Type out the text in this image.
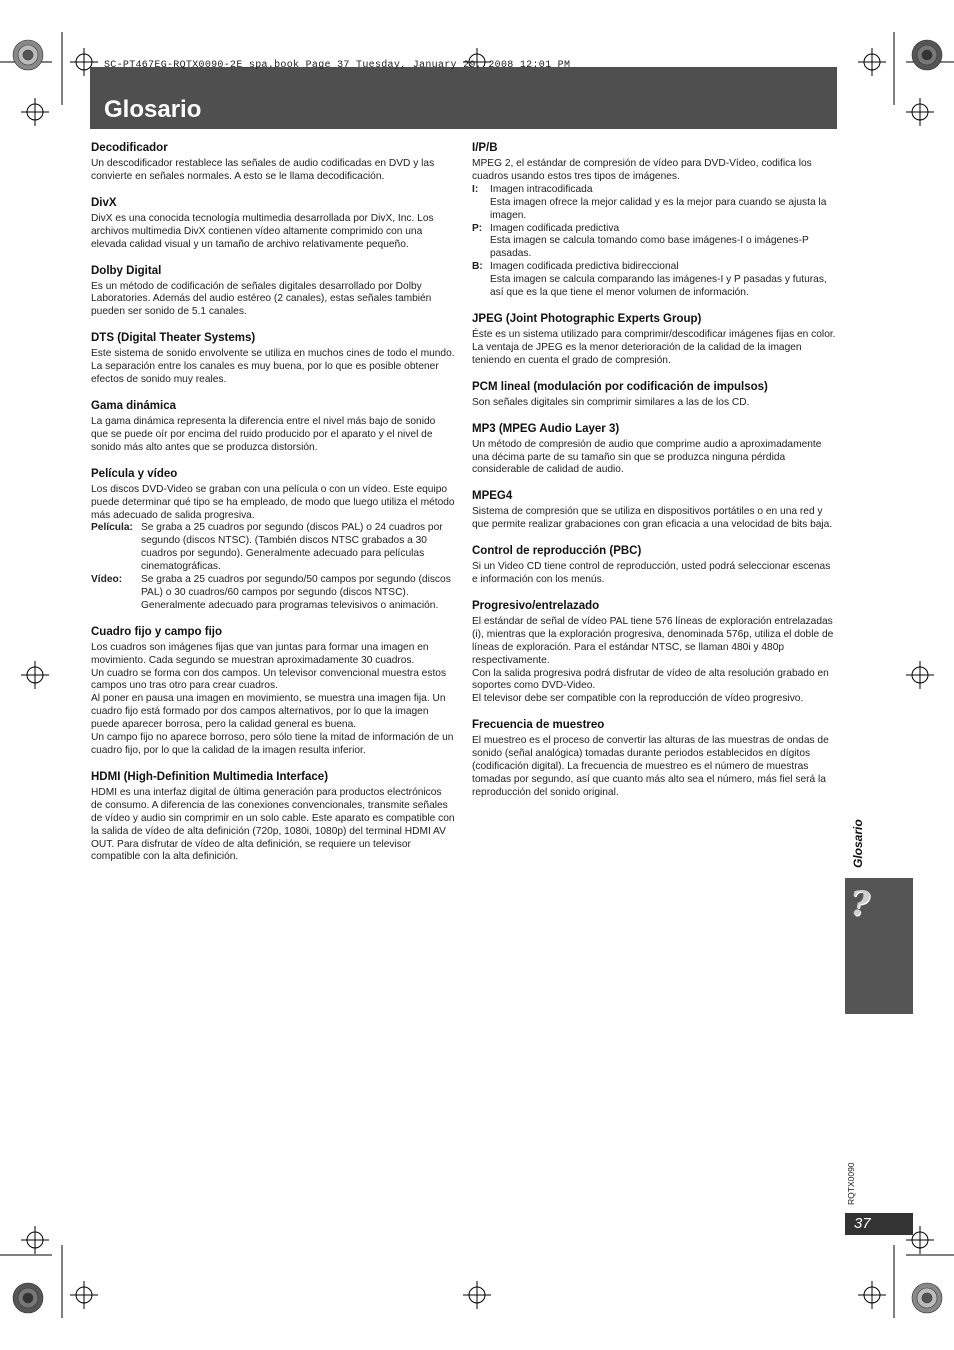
SC-PT467EG-RQTX0090-2E_spa.book Page 37 Tuesday, January 29, 2008 12:01 PM
Glosario
Decodificador

Un descodificador restablece las señales de audio codificadas en DVD y las convierte en señales normales. A esto se le llama decodificación.

DivX

DivX es una conocida tecnología multimedia desarrollada por DivX, Inc. Los archivos multimedia DivX contienen vídeo altamente comprimido con una elevada calidad visual y un tamaño de archivo relativamente pequeño.

Dolby Digital

Es un método de codificación de señales digitales desarrollado por Dolby Laboratories. Además del audio estéreo (2 canales), estas señales también pueden ser sonido de 5.1 canales.

DTS (Digital Theater Systems)

Este sistema de sonido envolvente se utiliza en muchos cines de todo el mundo. La separación entre los canales es muy buena, por lo que es posible obtener efectos de sonido muy reales.

Gama dinámica

La gama dinámica representa la diferencia entre el nivel más bajo de sonido que se puede oír por encima del ruido producido por el aparato y el nivel de sonido más alto antes que se produzca distorsión.

Película y vídeo

Los discos DVD-Video se graban con una película o con un vídeo. Este equipo puede determinar qué tipo se ha empleado, de modo que luego utiliza el método más adecuado de salida progresiva.

Película: Se graba a 25 cuadros por segundo (discos PAL) o 24 cuadros por segundo (discos NTSC). (También discos NTSC grabados a 30 cuadros por segundo). Generalmente adecuado para películas cinematográficas.
Vídeo:	Se graba a 25 cuadros por segundo/50 campos por segundo (discos PAL) o 30 cuadros/60 campos por segundo (discos NTSC). Generalmente adecuado para programas televisivos o animación.
Cuadro fijo y campo fijo

Los cuadros son imágenes fijas que van juntas para formar una imagen en movimiento. Cada segundo se muestran aproximadamente 30 cuadros.

Un cuadro se forma con dos campos. Un televisor convencional muestra estos campos uno tras otro para crear cuadros.

Al poner en pausa una imagen en movimiento, se muestra una imagen fija. Un cuadro fijo está formado por dos campos alternativos, por lo que la imagen puede aparecer borrosa, pero la calidad general es buena.

Un campo fijo no aparece borroso, pero sólo tiene la mitad de información de un cuadro fijo, por lo que la calidad de la imagen resulta inferior.

HDMI (High-Definition Multimedia Interface)

HDMI es una interfaz digital de última generación para productos electrónicos de consumo. A diferencia de las conexiones convencionales, transmite señales de vídeo y audio sin comprimir en un solo cable. Este aparato es compatible con la salida de vídeo de alta definición (720p, 1080i, 1080p) del terminal HDMI AV OUT. Para disfrutar de vídeo de alta definición, se requiere un televisor compatible con la alta definición.

I/P/B

MPEG 2, el estándar de compresión de vídeo para DVD-Vídeo, codifica los cuadros usando estos tres tipos de imágenes.

I:	Imagen intracodificada
Esta imagen ofrece la mejor calidad y es la mejor para cuando se ajusta la imagen.
P: Imagen codificada predictiva
Esta imagen se calcula tomando como base imágenes-I o imágenes-P pasadas.
B: Imagen codificada predictiva bidireccional
Esta imagen se calcula comparando las imágenes-I y P pasadas y futuras, así que es la que tiene el menor volumen de información.
JPEG (Joint Photographic Experts Group)

Éste es un sistema utilizado para comprimir/descodificar imágenes fijas en color. La ventaja de JPEG es la menor deterioración de la calidad de la imagen teniendo en cuenta el grado de compresión.

PCM lineal (modulación por codificación de impulsos)

Son señales digitales sin comprimir similares a las de los CD.

MP3 (MPEG Audio Layer 3)

Un método de compresión de audio que comprime audio a aproximadamente una décima parte de su tamaño sin que se produzca ninguna pérdida considerable de calidad de audio.

MPEG4

Sistema de compresión que se utiliza en dispositivos portátiles o en una red y que permite realizar grabaciones con gran eficacia a una velocidad de bits baja.

Control de reproducción (PBC)

Si un Video CD tiene control de reproducción, usted podrá seleccionar escenas e información con los menús.

Progresivo/entrelazado

El estándar de señal de vídeo PAL tiene 576 líneas de exploración entrelazadas (i), mientras que la exploración progresiva, denominada 576p, utiliza el doble de líneas de exploración. Para el estándar NTSC, se llaman 480i y 480p respectivamente.

Con la salida progresiva podrá disfrutar de vídeo de alta resolución grabado en soportes como DVD-Video.

El televisor debe ser compatible con la reproducción de vídeo progresivo.

Frecuencia de muestreo

El muestreo es el proceso de convertir las alturas de las muestras de ondas de sonido (señal analógica) tomadas durante periodos establecidos en dígitos (codificación digital). La frecuencia de muestreo es el número de muestras tomadas por segundo, así que cuanto más alto sea el número, más fiel será la reproducción del sonido original.

Glosario
?
RQTX0090
37
